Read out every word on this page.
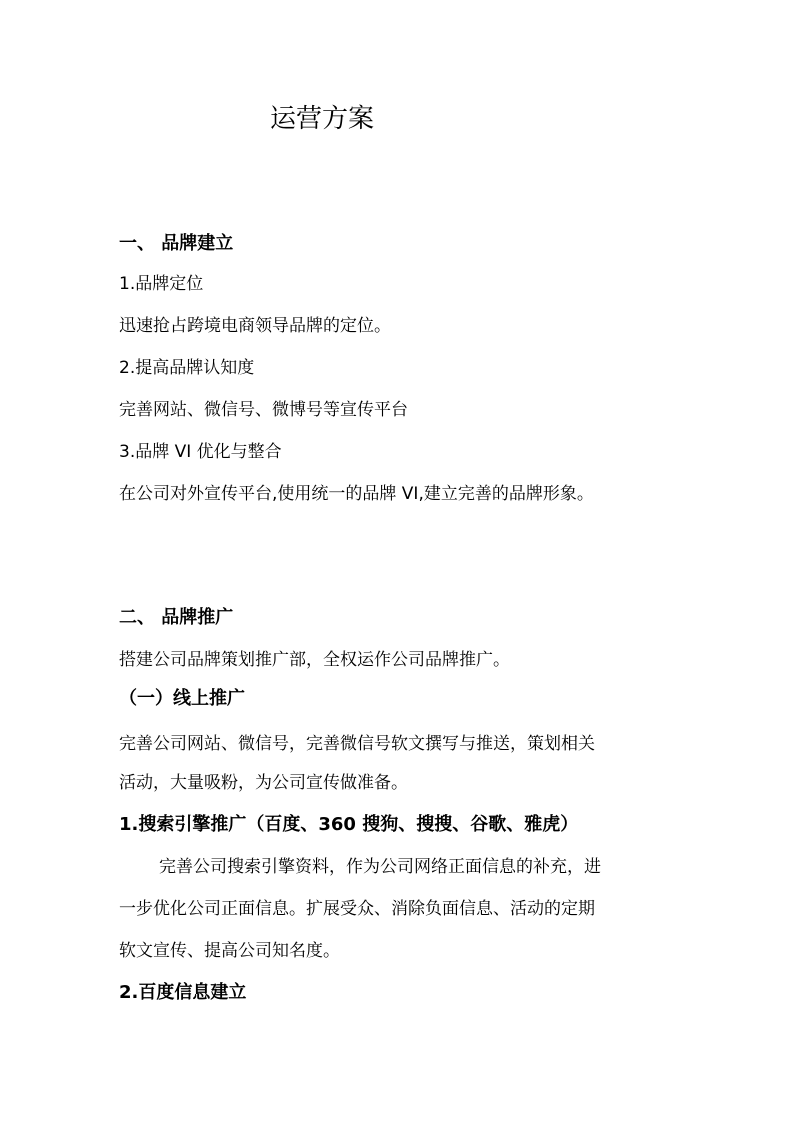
运营方案
一、 品牌建立
1.品牌定位
迅速抢占跨境电商领导品牌的定位。
2.提高品牌认知度
完善网站、微信号、微博号等宣传平台
3.品牌 VI 优化与整合
在公司对外宣传平台,使用统一的品牌 VI,建立完善的品牌形象。
二、 品牌推广
搭建公司品牌策划推广部，全权运作公司品牌推广。
（一）线上推广
完善公司网站、微信号，完善微信号软文撰写与推送，策划相关
活动，大量吸粉，为公司宣传做准备。
1.搜索引擎推广（百度、360 搜狗、搜搜、谷歌、雅虎）
完善公司搜索引擎资料，作为公司网络正面信息的补充，进
一步优化公司正面信息。扩展受众、消除负面信息、活动的定期
软文宣传、提高公司知名度。
2.百度信息建立
